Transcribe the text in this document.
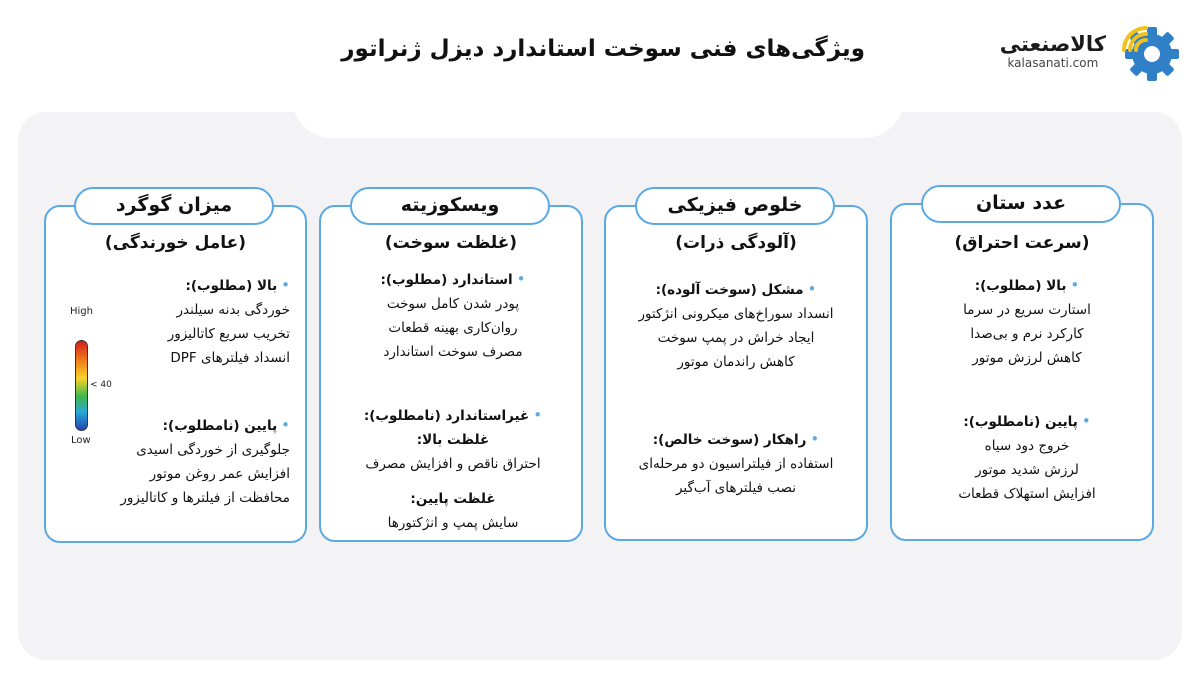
کالاصنعتی
kalasanati.com
ویژگی‌های فنی سوخت استاندارد دیزل ژنراتور
عدد ستان
(سرعت احتراق)
•بالا (مطلوب):
استارت سریع در سرما
کارکرد نرم و بی‌صدا
کاهش لرزش موتور
•پایین (نامطلوب):
خروج دود سیاه
لرزش شدید موتور
افزایش استهلاک قطعات
خلوص فیزیکی
(آلودگی ذرات)
•مشکل (سوخت آلوده):
انسداد سوراخ‌های میکرونی انژکتور
ایجاد خراش در پمپ سوخت
کاهش راندمان موتور
•راهکار (سوخت خالص):
استفاده از فیلتراسیون دو مرحله‌ای
نصب فیلترهای آب‌گیر
ویسکوزیته
(غلظت سوخت)
•استاندارد (مطلوب):
پودر شدن کامل سوخت
روان‌کاری بهینه قطعات
مصرف سوخت استاندارد
•غیراستاندارد (نامطلوب):
غلظت بالا:
احتراق ناقص و افزایش مصرف
غلظت پایین:
سایش پمپ و انژکتورها
میزان گوگرد
(عامل خورندگی)
•بالا (مطلوب):
خوردگی بدنه سیلندر
تخریب سریع کاتالیزور
انسداد فیلترهای DPF
•پایین (نامطلوب):
جلوگیری از خوردگی اسیدی
افزایش عمر روغن موتور
محافظت از فیلترها و کاتالیزور
High
< 40
Low
